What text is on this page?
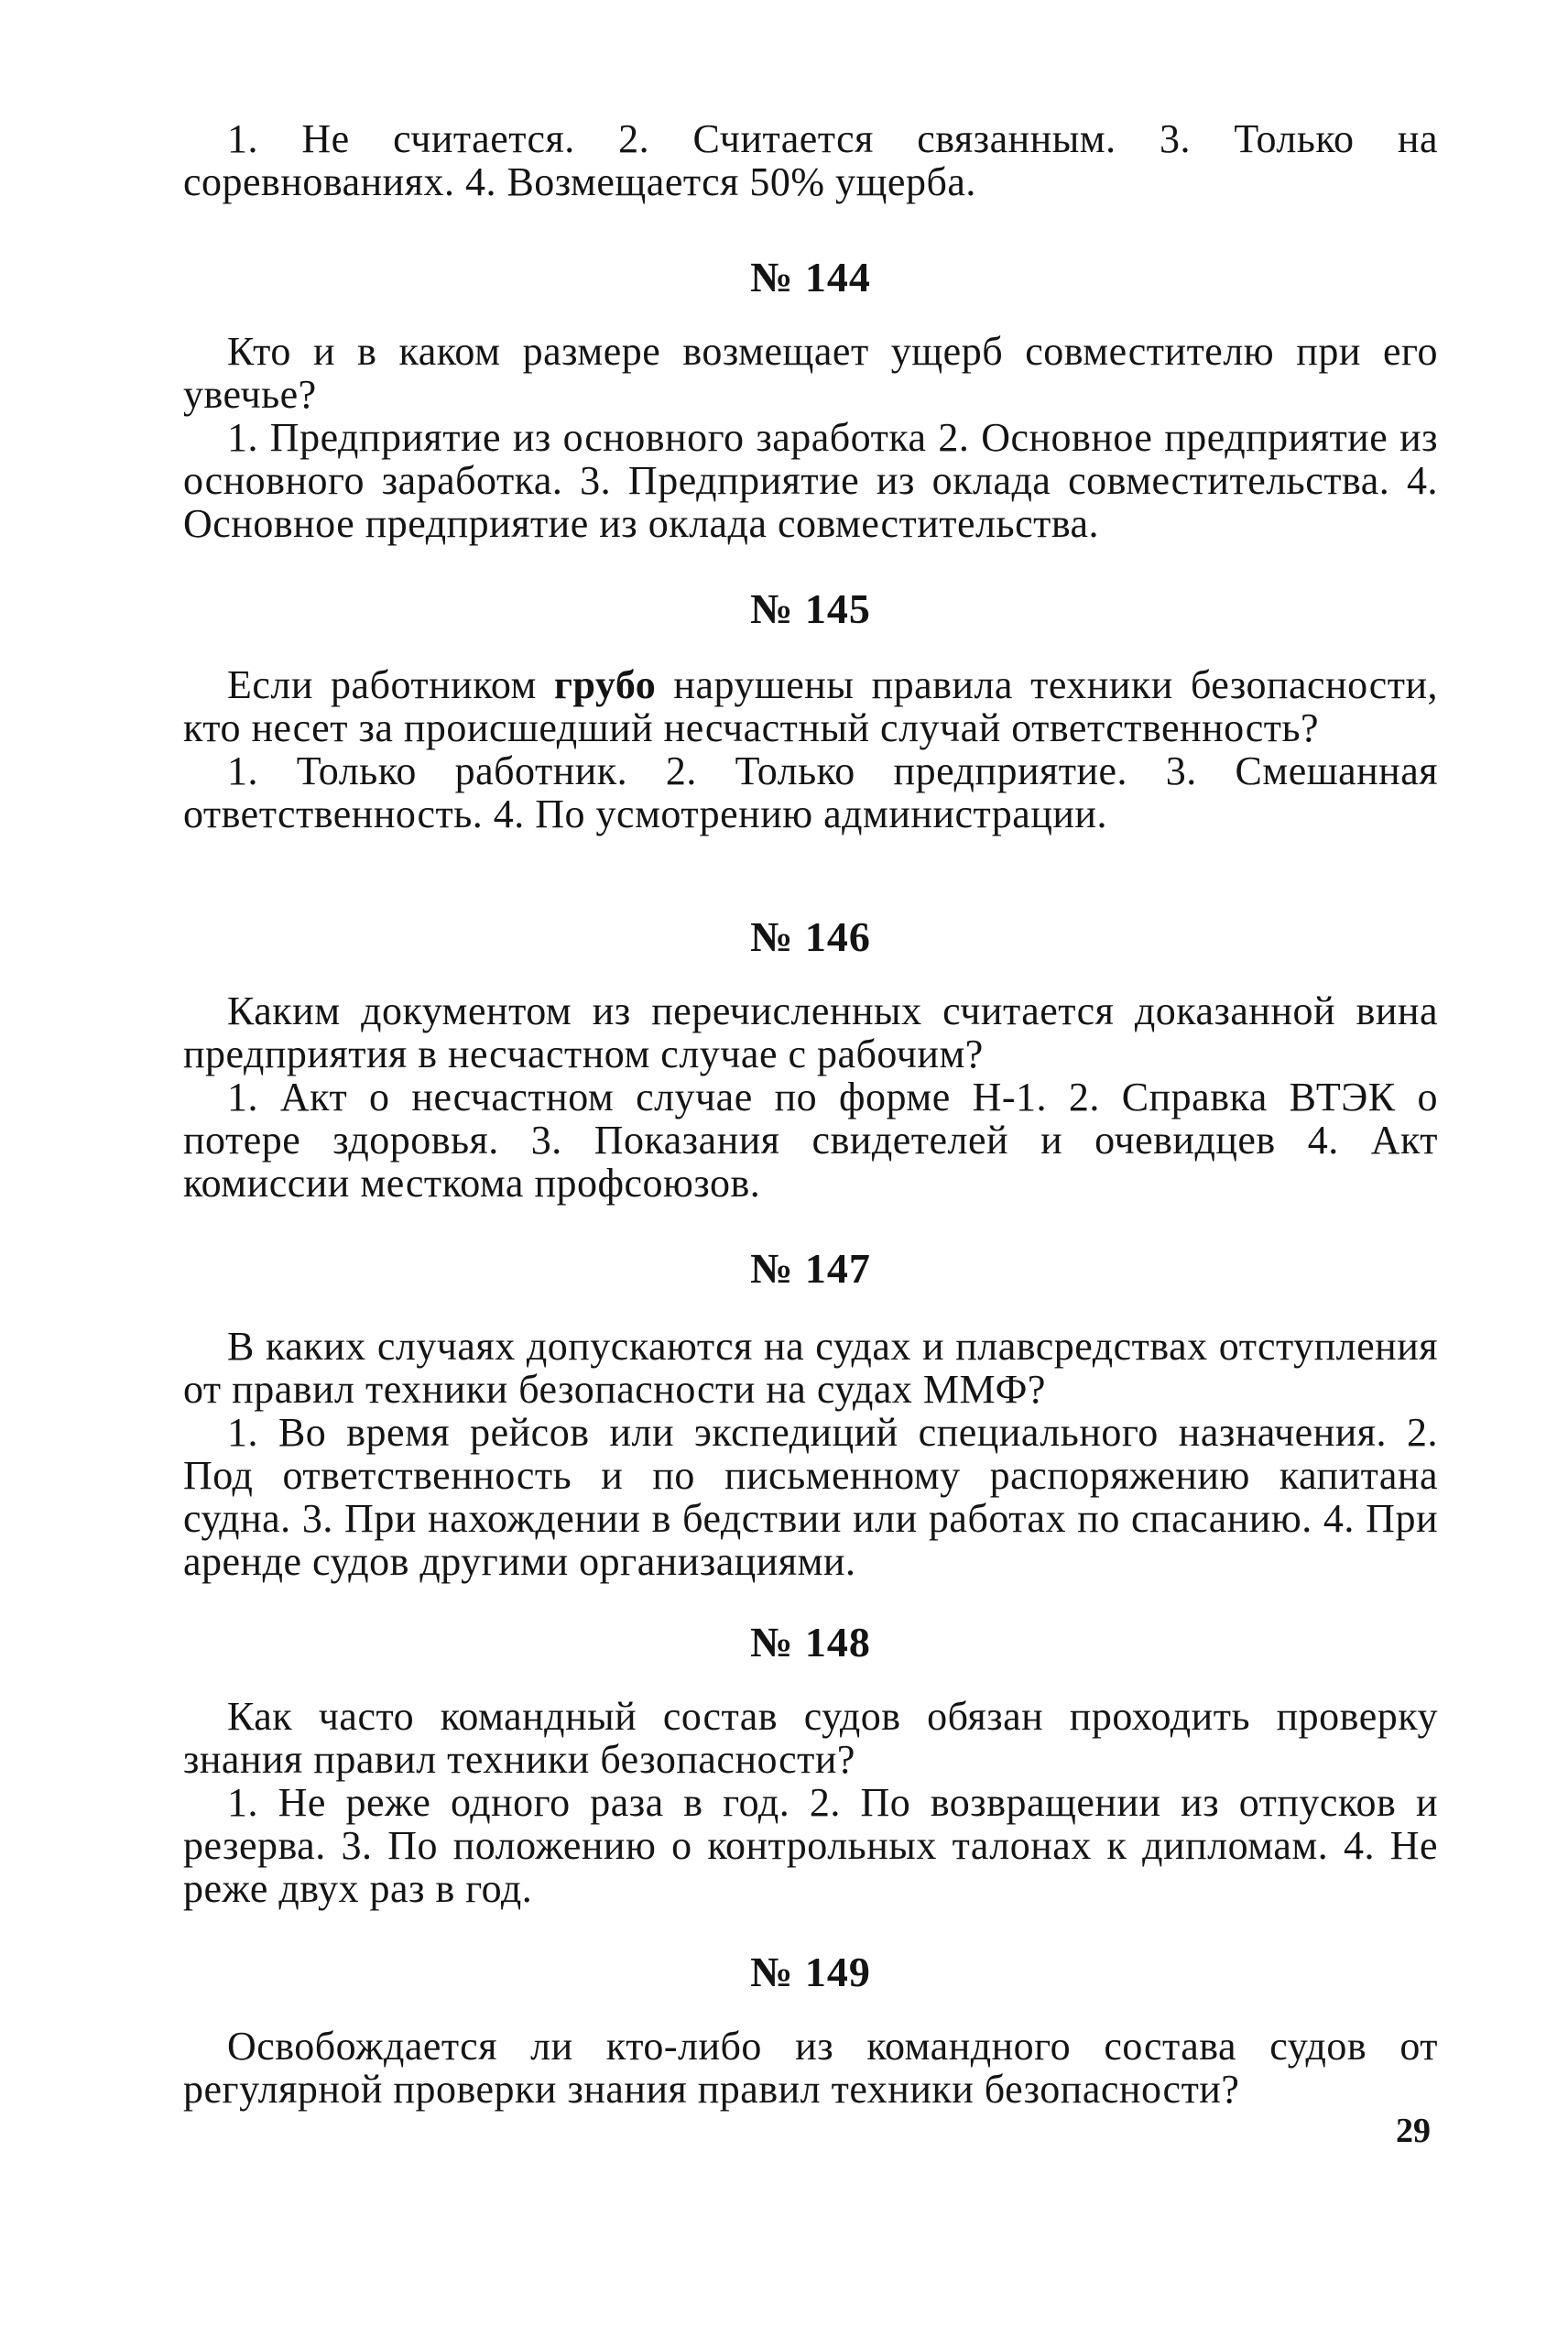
1. Не считается. 2. Считается связанным. 3. Только на соревнованиях. 4. Возмещается 50% ущерба.

№ 144

Кто и в каком размере возмещает ущерб совместителю при его увечье?

1. Предприятие из основного заработка 2. Основное предприятие из основного заработка. 3. Предприятие из оклада совместительства. 4. Основное предприятие из оклада совместительства.

№ 145

Если работником грубо нарушены правила техники безопасности, кто несет за происшедший несчастный случай ответственность?

1. Только работник. 2. Только предприятие. 3. Смешанная ответственность. 4. По усмотрению администрации.

№ 146

Каким документом из перечисленных считается доказанной вина предприятия в несчастном случае с рабочим?

1. Акт о несчастном случае по форме Н-1. 2. Справка ВТЭК о потере здоровья. 3. Показания свидетелей и очевидцев 4. Акт комиссии месткома профсоюзов.

№ 147

В каких случаях допускаются на судах и плавсредствах отступления от правил техники безопасности на судах ММФ?

1. Во время рейсов или экспедиций специального назначения. 2. Под ответственность и по письменному распоряжению капитана судна. 3. При нахождении в бедствии или работах по спасанию. 4. При аренде судов другими организациями.

№ 148

Как часто командный состав судов обязан проходить проверку знания правил техники безопасности?

1. Не реже одного раза в год. 2. По возвращении из отпусков и резерва. 3. По положению о контрольных талонах к дипломам. 4. Не реже двух раз в год.

№ 149

Освобождается ли кто-либо из командного состава судов от регулярной проверки знания правил техники безопасности?

29
